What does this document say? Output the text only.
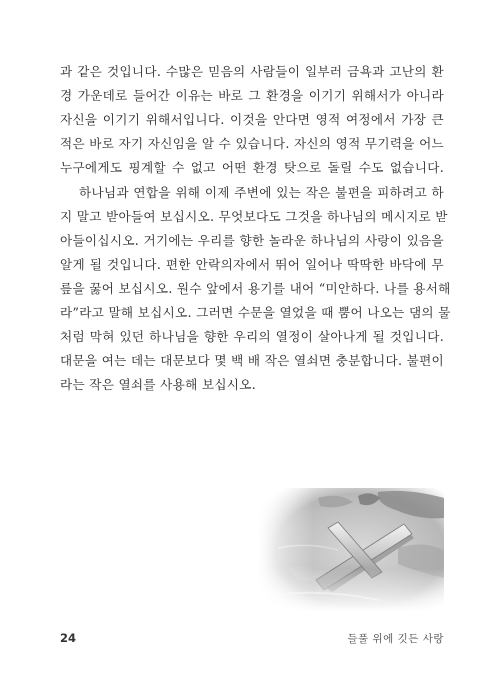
과 같은 것입니다. 수많은 믿음의 사람들이 일부러 금욕과 고난의 환
경 가운데로 들어간 이유는 바로 그 환경을 이기기 위해서가 아니라
자신을 이기기 위해서입니다. 이것을 안다면 영적 여정에서 가장 큰
적은 바로 자기 자신임을 알 수 있습니다. 자신의 영적 무기력을 어느
누구에게도 핑계할 수 없고 어떤 환경 탓으로 돌릴 수도 없습니다.
하나님과 연합을 위해 이제 주변에 있는 작은 불편을 피하려고 하
지 말고 받아들여 보십시오. 무엇보다도 그것을 하나님의 메시지로 받
아들이십시오. 거기에는 우리를 향한 놀라운 하나님의 사랑이 있음을
알게 될 것입니다. 편한 안락의자에서 뛰어 일어나 딱딱한 바닥에 무
릎을 꿇어 보십시오. 원수 앞에서 용기를 내어 “미안하다. 나를 용서해
라”라고 말해 보십시오. 그러면 수문을 열었을 때 뿜어 나오는 댐의 물
처럼 막혀 있던 하나님을 향한 우리의 열정이 살아나게 될 것입니다.
대문을 여는 데는 대문보다 몇 백 배 작은 열쇠면 충분합니다. 불편이
라는 작은 열쇠를 사용해 보십시오.
24	들풀 위에 깃든 사랑
